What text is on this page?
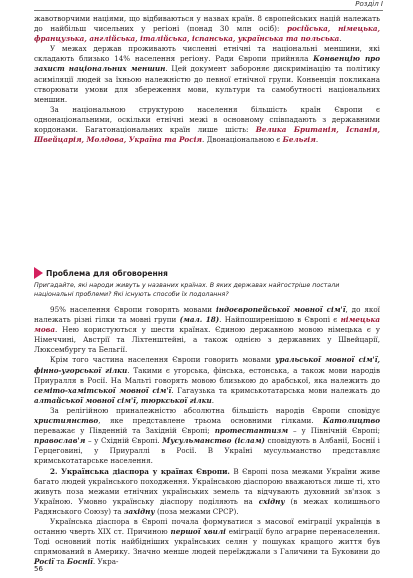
Розділ I

жавотворчими націями, що відбиваються у назвах країн. 8 європейських націй належать до найбільш чисельних у регіоні (понад 30 млн осіб): російська, німецька, французька, англійська, італійська, іспанська, українська та польська.

У межах держав проживають численні етнічні та національні меншини, які складають близько 14% населення регіону. Ради Європи прийняла Конвенцію про захист національних меншин. Цей документ забороняє дискримінацію та політику асиміляції людей за їхньою належністю до певної етнічної групи. Конвенція покликана створювати умови для збереження мови, культури та самобутності національних меншин.

За національною структурою населення більшість країн Європи є однонаціональними, оскільки етнічні межі в основному співпадають з державними кордонами. Багатонаціональних країн лише шість: Велика Британія, Іспанія, Швейцарія, Молдова, Україна та Росія. Двонаціональною є Бельгія.

Проблема для обговорення
Пригадайте, які народи живуть у названих країнах. В яких державах найгостріше постали національні проблеми? Які існують способи їх подолання?

95% населення Європи говорять мовами індоєвропейської мовної сім'ї, до якої належать різні гілки та мовні групи (мал. 18). Найпоширенішою в Європі є німецька мова. Нею користуються у шести країнах. Єдиною державною мовою німецька є у Німеччині, Австрії та Ліхтенштейні, а також однією з державних у Швейцарії, Люксембургу та Бельгії.

Крім того частина населення Європи говорить мовами уральської мовної сім'ї, фінно-угорської гілки. Такими є угорська, фінська, естонська, а також мови народів Приуралля в Росії. На Мальті говорять мовою близькою до арабської, яка належить до семіто-хамітської мовної сім'ї. Гагаузька та кримськотатарська мови належать до алтайської мовної сім'ї, тюркської гілки.

За релігійною приналежністю абсолютна більшість народів Європи сповідує християнство, яке представлене трьома основними гілками. Католицтво переважає у Південній та Західній Європі; протестантизм – у Північній Європі; православ'я – у Східній Європі. Мусульманство (іслам) сповідують в Албанії, Боснії і Герцеговині, у Приураллі в Росії. В Україні мусульманство представляє кримськотатарське населення.

2. Українська діаспора у країнах Європи. В Європі поза межами України живе багато людей українського походження. Українською діаспорою вважаються лише ті, хто живуть поза межами етнічних українських земель та відчувають духовний зв'язок з Україною. Умовно українську діаспору поділяють на східну (в межах колишнього Радянського Союзу) та західну (поза межами СРСР).

Українська діаспора в Європі почала формуватися з масової еміграції українців в останню чверть XIX ст. Причиною першої хвилі еміграції було аграрне перенаселення. Тоді основний потік найбідніших українських селян у пошуках кращого життя був спрямований в Америку. Значно менше людей переїжджали з Галичини та Буковини до Росії та Боснії. Укра-

56
